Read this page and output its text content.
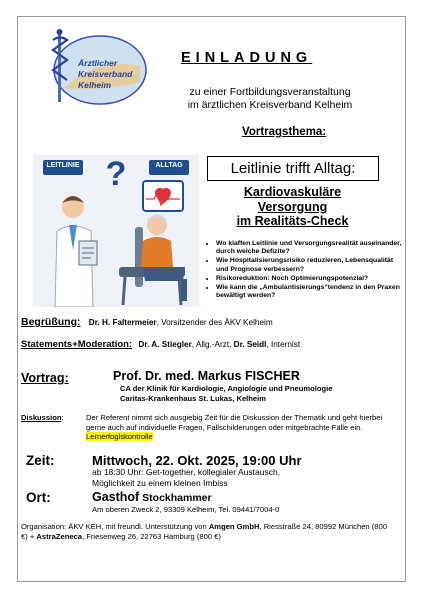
Ärztlicher
Kreisverband
Kelheim
EINLADUNG
zu einer Fortbildungsveranstaltung
im ärztlichen Kreisverband Kelheim
Vortragsthema:
LEITLINIE	ALLTAG
?	Leitlinie trifft Alltag:
Kardiovaskuläre
Versorgung
im Realitäts-Check
• Wo klaffen Leitlinie und Versorgungsrealität auseinander, durch welche Defizite?
• Wie Hospitalisierungsrisiko reduzieren, Lebensqualität und Prognose verbessern?
• Risikoreduktion: Noch Optimierungspotenzial?
• Wie kann die „Ambulantisierungs“tendenz in den Praxen bewältigt werden?
Begrüßung: Dr. H. Faltermeier, Vorsitzender des ÄKV Kelheim
Statements+Moderation: Dr. A. Stiegler, Allg.-Arzt, Dr. Seidl, Internist
Vortrag:	Prof. Dr. med. Markus FISCHER
CA der Klinik für Kardiologie, Angiologie und Pneumologie
Caritas-Krankenhaus St. Lukas, Kelheim
Diskussion:	Der Referent nimmt sich ausgiebig Zeit für die Diskussion der Thematik und geht hierbei gerne auch auf individuelle Fragen, Fallschilderungen oder mitgebrachte Fälle ein. Lernerfoglskontrolle
Zeit:	Mittwoch, 22. Okt. 2025, 19:00 Uhr
ab 18:30 Uhr: Get-together, kollegialer Austausch,
Möglichkeit zu einem kleinen Imbiss
Ort:	Gasthof Stockhammer
Am oberen Zweck 2, 93309 Kelheim, Tel. 09441/7004-0
Organisation: ÄKV KEH, mit freundl. Unterstützung von Amgen GmbH, Riesstraße 24, 80992 München (800 €) + AstraZeneca, Friesenweg 26, 22763 Hamburg (800 €)
